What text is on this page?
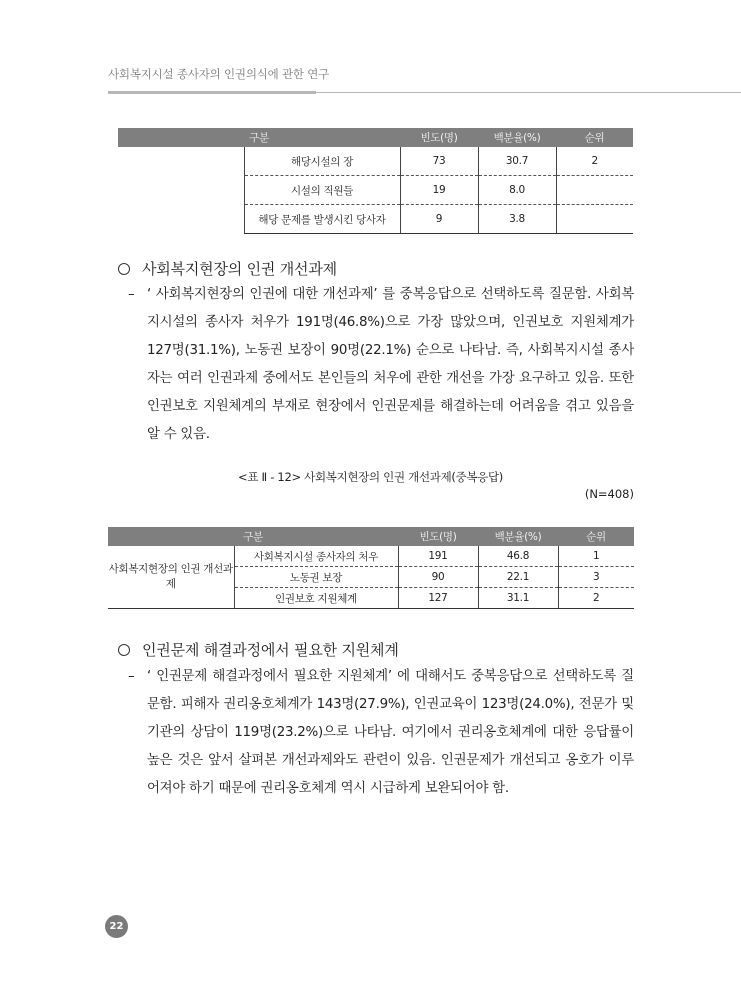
사회복지시설 종사자의 인권의식에 관한 연구
구분		빈도(명)	백분율(%)	순위
	해당시설의 장	73	30.7	2
	시설의 직원들	19	8.0	
	해당 문제를 발생시킨 당사자	9	3.8	
사회복지현장의 인권 개선과제
– ‘ 사회복지현장의 인권에 대한 개선과제’ 를 중복응답으로 선택하도록 질문함. 사회복지시설의 종사자 처우가 191명(46.8%)으로 가장 많았으며, 인권보호 지원체계가 127명(31.1%), 노동권 보장이 90명(22.1%) 순으로 나타남. 즉, 사회복지시설 종사자는 여러 인권과제 중에서도 본인들의 처우에 관한 개선을 가장 요구하고 있음. 또한 인권보호 지원체계의 부재로 현장에서 인권문제를 해결하는데 어려움을 겪고 있음을 알 수 있음.
<표 Ⅱ - 12> 사회복지현장의 인권 개선과제(중복응답)
(N=408)
구분		빈도(명)	백분율(%)	순위
사회복지현장의 인권 개선과제	사회복지시설 종사자의 처우	191	46.8	1
	노동권 보장	90	22.1	3
	인권보호 지원체계	127	31.1	2
인권문제 해결과정에서 필요한 지원체계
– ‘ 인권문제 해결과정에서 필요한 지원체계’ 에 대해서도 중복응답으로 선택하도록 질문함. 피해자 권리옹호체계가 143명(27.9%), 인권교육이 123명(24.0%), 전문가 및 기관의 상담이 119명(23.2%)으로 나타남. 여기에서 권리옹호체계에 대한 응답률이 높은 것은 앞서 살펴본 개선과제와도 관련이 있음. 인권문제가 개선되고 옹호가 이루어져야 하기 때문에 권리옹호체계 역시 시급하게 보완되어야 함.
22
